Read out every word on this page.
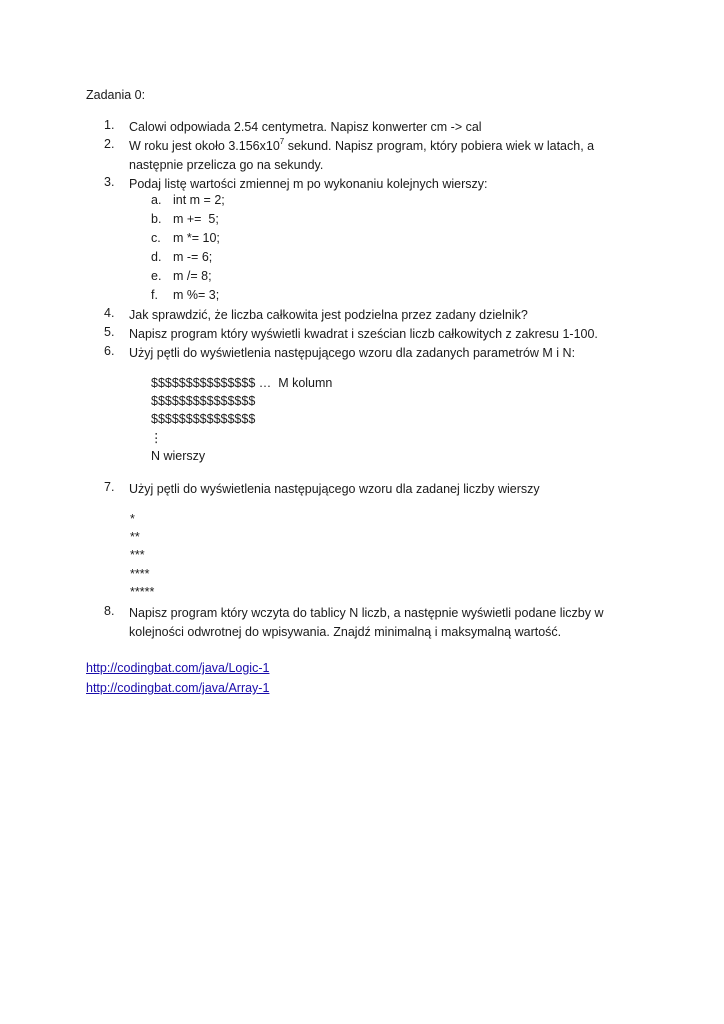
Zadania 0:
1.	Calowi odpowiada 2.54 centymetra. Napisz konwerter cm -> cal
2.	W roku jest około $3.156x10^7$ sekund. Napisz program, który pobiera wiek w latach, a następnie przelicza go na sekundy.
3.	Podaj listę wartości zmiennej m po wykonaniu kolejnych wierszy:
a. int m = 2;
b. m +=  5;
c. m *= 10;
d. m -= 6;
e. m /= 8;
f. m %= 3;
4.	Jak sprawdzić, że liczba całkowita jest podzielna przez zadany dzielnik?
5.	Napisz program który wyświetli kwadrat i sześcian liczb całkowitych z zakresu 1-100.
6.	Użyj pętli do wyświetlenia następującego wzoru dla zadanych parametrów M i N:
$$$$$$$$$$$$$$$ …  M kolumn
$$$$$$$$$$$$$$$
$$$$$$$$$$$$$$$
⋮
N wierszy
7.	Użyj pętli do wyświetlenia następującego wzoru dla zadanej liczby wierszy
*
**
***
****
*****
8.	Napisz program który wczyta do tablicy N liczb, a następnie wyświetli podane liczby w kolejności odwrotnej do wpisywania. Znajdź minimalną i maksymalną wartość.
http://codingbat.com/java/Logic-1
http://codingbat.com/java/Array-1
